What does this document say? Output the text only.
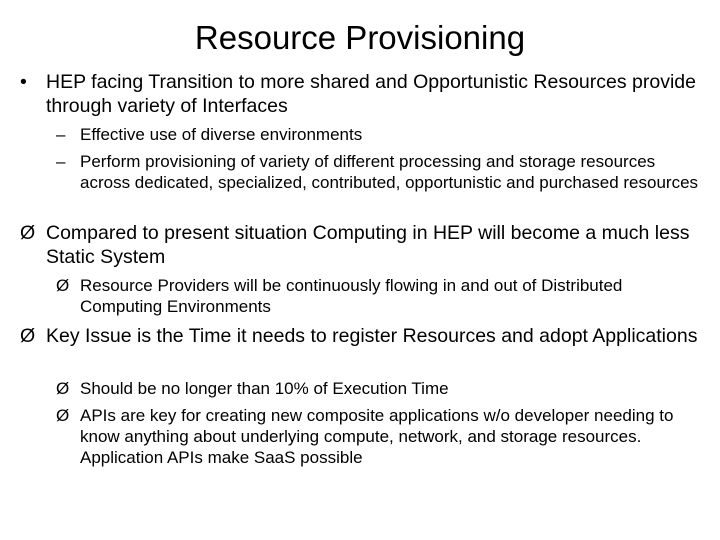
Resource Provisioning
• HEP facing Transition to more shared and Opportunistic Resources provide through variety of Interfaces
– Effective use of diverse environments
– Perform provisioning of variety of different processing and storage resources across dedicated, specialized, contributed, opportunistic and purchased resources
Ø Compared to present situation Computing in HEP will become a much less Static System
Ø Resource Providers will be continuously flowing in and out of Distributed Computing Environments
Ø Key Issue is the Time it needs to register Resources and adopt Applications
Ø Should be no longer than 10% of Execution Time
Ø APIs are key for creating new composite applications w/o developer needing to know anything about underlying compute, network, and storage resources. Application APIs make SaaS possible
